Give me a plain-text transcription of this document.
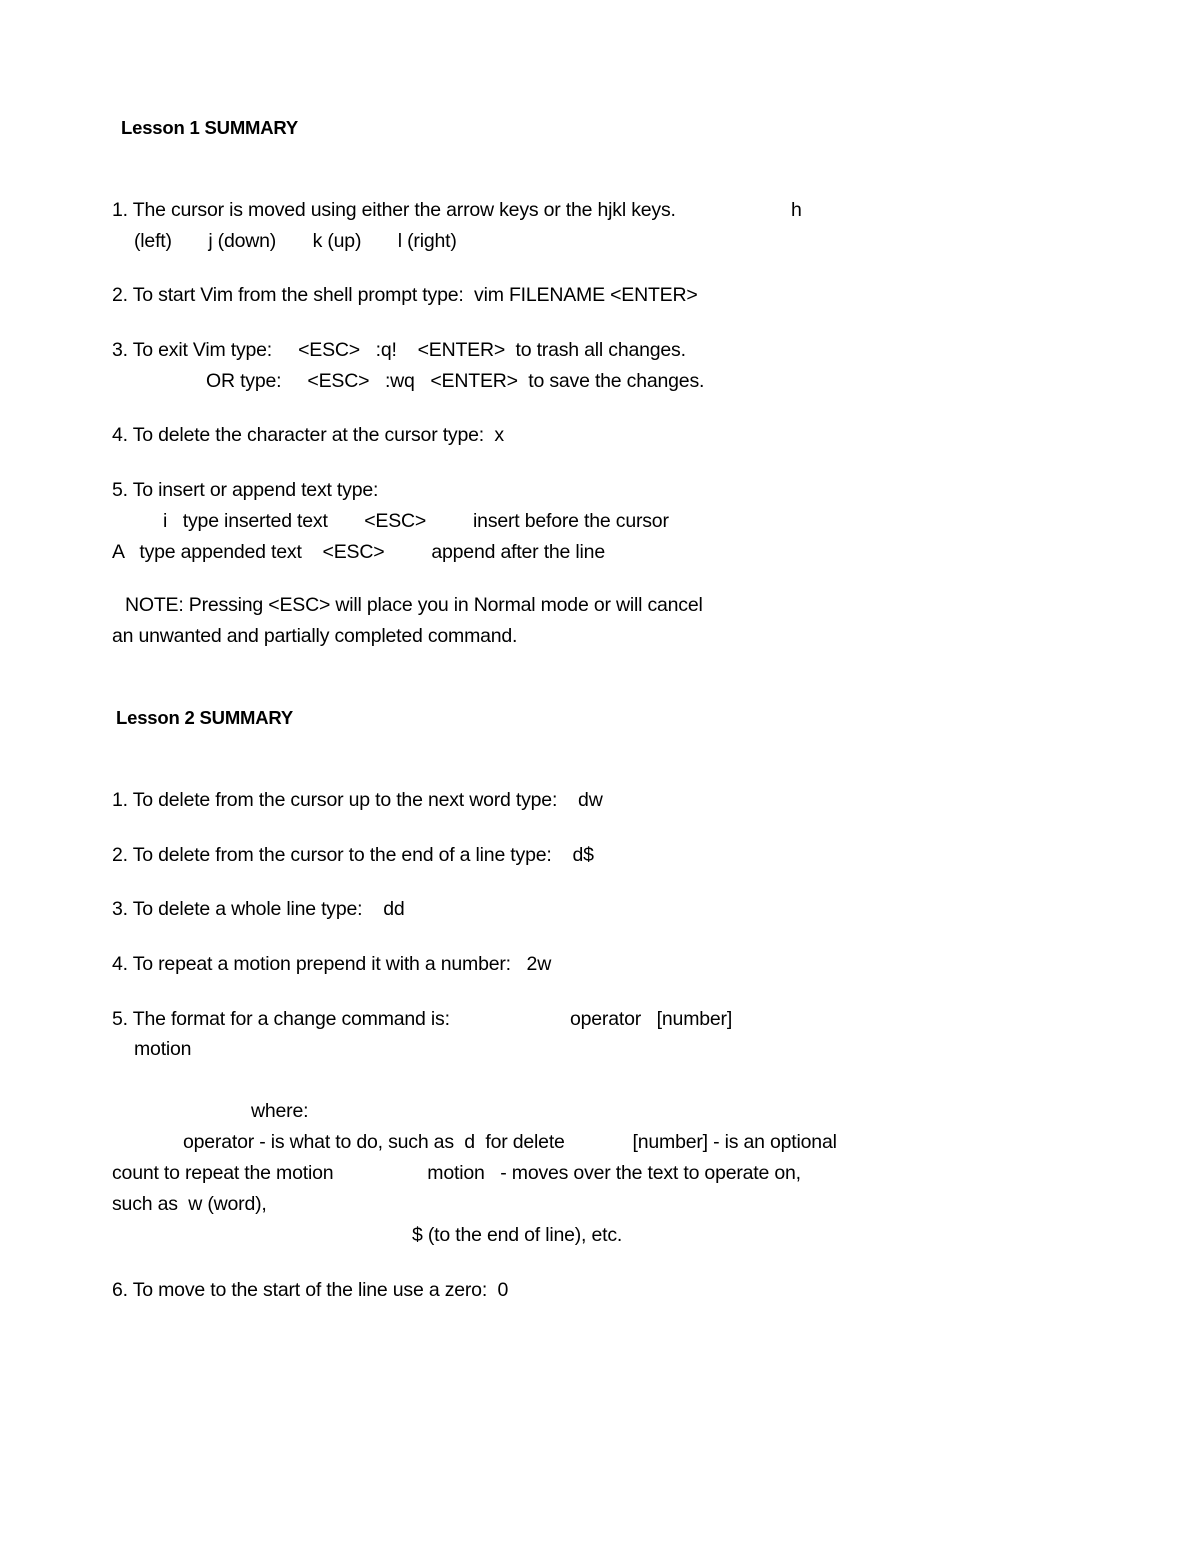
Lesson 1 SUMMARY
1. The cursor is moved using either the arrow keys or the hjkl keys.	h
(left)       j (down)       k (up)       l (right)
2. To start Vim from the shell prompt type:  vim FILENAME <ENTER>
3. To exit Vim type:     <ESC>   :q!    <ENTER>  to trash all changes.
OR type:     <ESC>   :wq   <ENTER>  to save the changes.
4. To delete the character at the cursor type:  x
5. To insert or append text type:
i   type inserted text       <ESC>         insert before the cursor
A   type appended text    <ESC>         append after the line
NOTE: Pressing <ESC> will place you in Normal mode or will cancel
an unwanted and partially completed command.
Lesson 2 SUMMARY
1. To delete from the cursor up to the next word type:    dw
2. To delete from the cursor to the end of a line type:    d$
3. To delete a whole line type:    dd
4. To repeat a motion prepend it with a number:   2w
5. The format for a change command is:	operator   [number]
motion
where:
operator - is what to do, such as  d  for delete             [number] - is an optional
count to repeat the motion                  motion   - moves over the text to operate on,
such as  w (word),
$ (to the end of line), etc.
6. To move to the start of the line use a zero:  0
